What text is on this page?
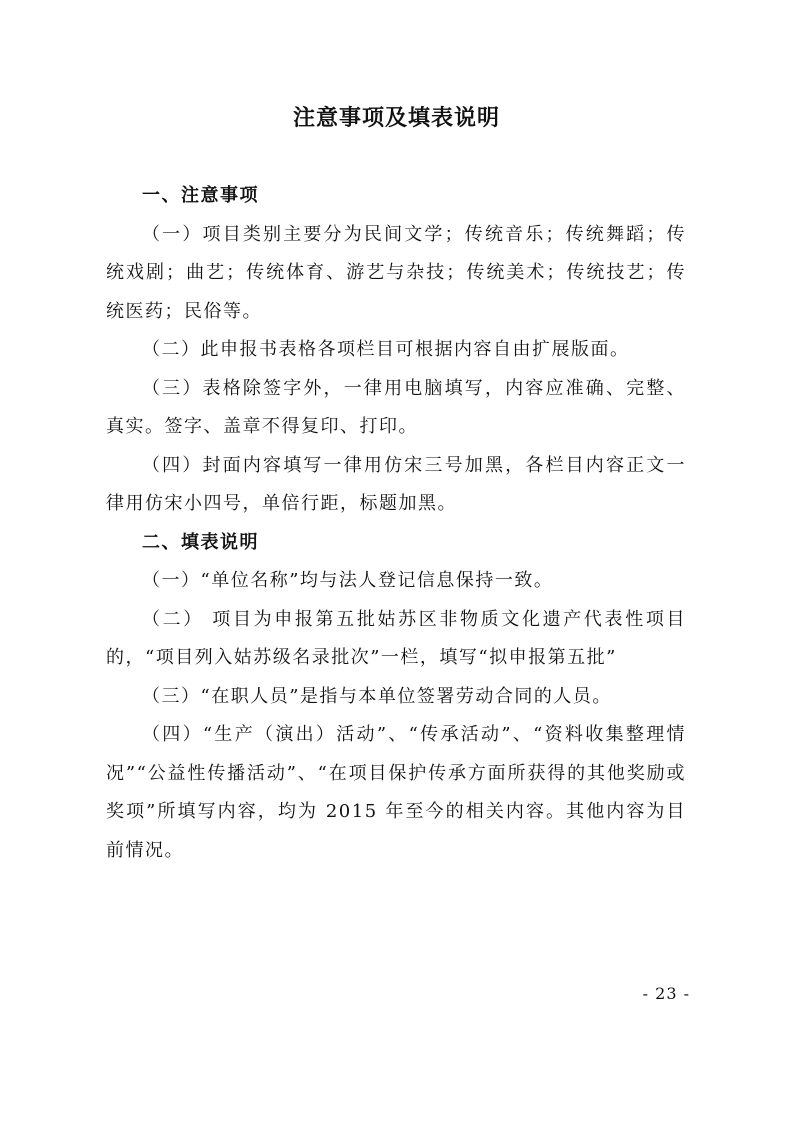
注意事项及填表说明

一、注意事项

（一）项目类别主要分为民间文学；传统音乐；传统舞蹈；传统戏剧；曲艺；传统体育、游艺与杂技；传统美术；传统技艺；传统医药；民俗等。

（二）此申报书表格各项栏目可根据内容自由扩展版面。

（三）表格除签字外，一律用电脑填写，内容应准确、完整、真实。签字、盖章不得复印、打印。

（四）封面内容填写一律用仿宋三号加黑，各栏目内容正文一律用仿宋小四号，单倍行距，标题加黑。

二、填表说明

（一）“单位名称”均与法人登记信息保持一致。

（二） 项目为申报第五批姑苏区非物质文化遗产代表性项目的，“项目列入姑苏级名录批次”一栏，填写“拟申报第五批”

（三）“在职人员”是指与本单位签署劳动合同的人员。

（四）“生产（演出）活动”、“传承活动”、“资料收集整理情况”“公益性传播活动”、“在项目保护传承方面所获得的其他奖励或奖项”所填写内容，均为 2015 年至今的相关内容。其他内容为目前情况。

- 23 -
